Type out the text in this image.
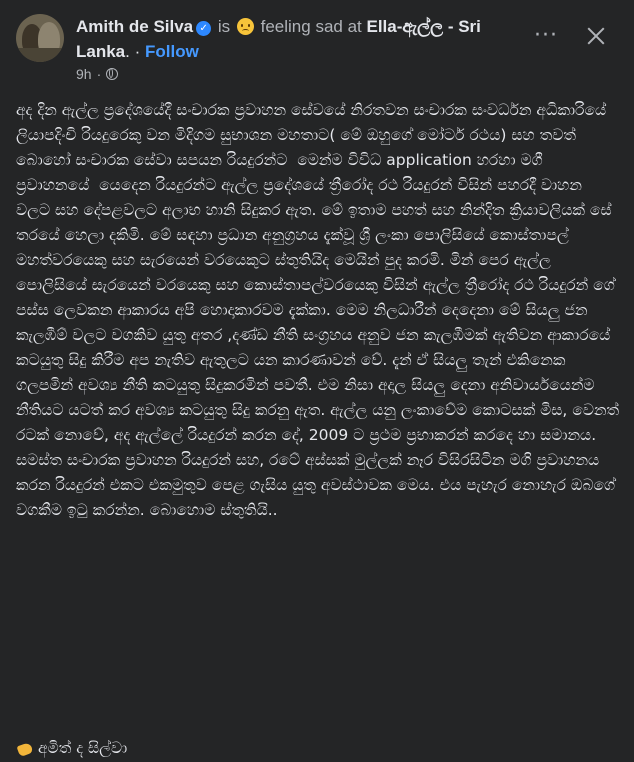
Amith de Silva ✓ is feeling sad at Ella-ඇල්ල - Sri Lanka. · Follow
9h ·
···
අද දින ඇල්ල ප්‍රදේශයේදී සංචාරක ප්‍රවාහන සේවයේ නිරතවන සංචාරක සංවර්ධන අධිකාරියේ ලියාපදිංචි රියදුරෙකු වන මිදිගම සුභාශන මහතාට( මේ ඔහුගේ මෝටර් රථය) සහ තවත් බොහෝ සංචාරක සේවා සපයන රියදුරන්ට  මෙන්ම විවිධ application හරහා මගී ප්‍රවාහනයේ  යෙදෙන රියදුරන්ට ඇල්ල ප්‍රදේශයේ ත්‍රීරෝද රථ රියදුරන් විසින් පහරදී වාහන වලට සහ දේපළවලට අලාභ හානි සිදුකර ඇත. මේ ඉතාම පහත් සහ නින්දිත ක්‍රියාවලියක් සේ තරයේ හෙලා දකිමි. මේ සඳහා ප්‍රධාන අනුග්‍රහය දැක්වූ ශ්‍රී ලංකා පොලිසියේ කොස්තාපල් මහත්වරයෙකු සහ සැරයෙන් වරයෙකුට ස්තුතියිද මෙයින් පුද කරමි. මින් පෙර ඇල්ල පොලිසියේ සැරයෙන් වරයෙකු සහ කොස්තාපල්වරයෙකු විසින් ඇල්ල ත්‍රීරෝද රථ රියදුරන් ගේ පස්ස ලෙවකන ආකාරය අපි හොදාකාරවම දැක්කා. මෙම නිලධාරීන් දෙදෙනා මේ සියලු ජන කැලඹීම් වලට වගකිව යුතු අතර ,දණ්ඩ නීති සංග්‍රහය අනුව ජන කැලඹීමක් ඇතිවන ආකාරයේ කටයුතු සිදු කිරීම අප නැතිව ඇතුලට යන කාරණාවන් වේ. දැන් ඒ සියලු තැන් එකිනෙක ගලපමින් අවශ්‍ය නීති කටයුතු සිදුකරමින් පවතී. එම නිසා අදාල සියලු දෙනා අනිවාර්යයෙන්ම නීතියට යටත් කර අවශ්‍ය කටයුතු සිදු කරනු ඇත. ඇල්ල යනු ලංකාවේම කොටසක් මිස, වෙනත් රටක් නොවේ, අද ඇල්ලේ රියදුරන් කරන දේ, 2009 ට ප්‍රථම ප්‍රභාකරන් කරදෙ හා සමානය. සමස්ත සංචාරක ප්‍රවාහන රියදුරන් සහ, රටේ අස්සක් මුල්ලක් නෑර විසිරසිටින මගි ප්‍රවාහනය කරන රියදුරන් එකට එකමුතුව පෙළ ගැසිය යුතු අවස්ථාවක මෙය. එය පැහැර නොහැර ඔබගේ වගකීම ඉටු කරන්න. බොහොම ස්තුතියි..
අමිත් ද සිල්වා
